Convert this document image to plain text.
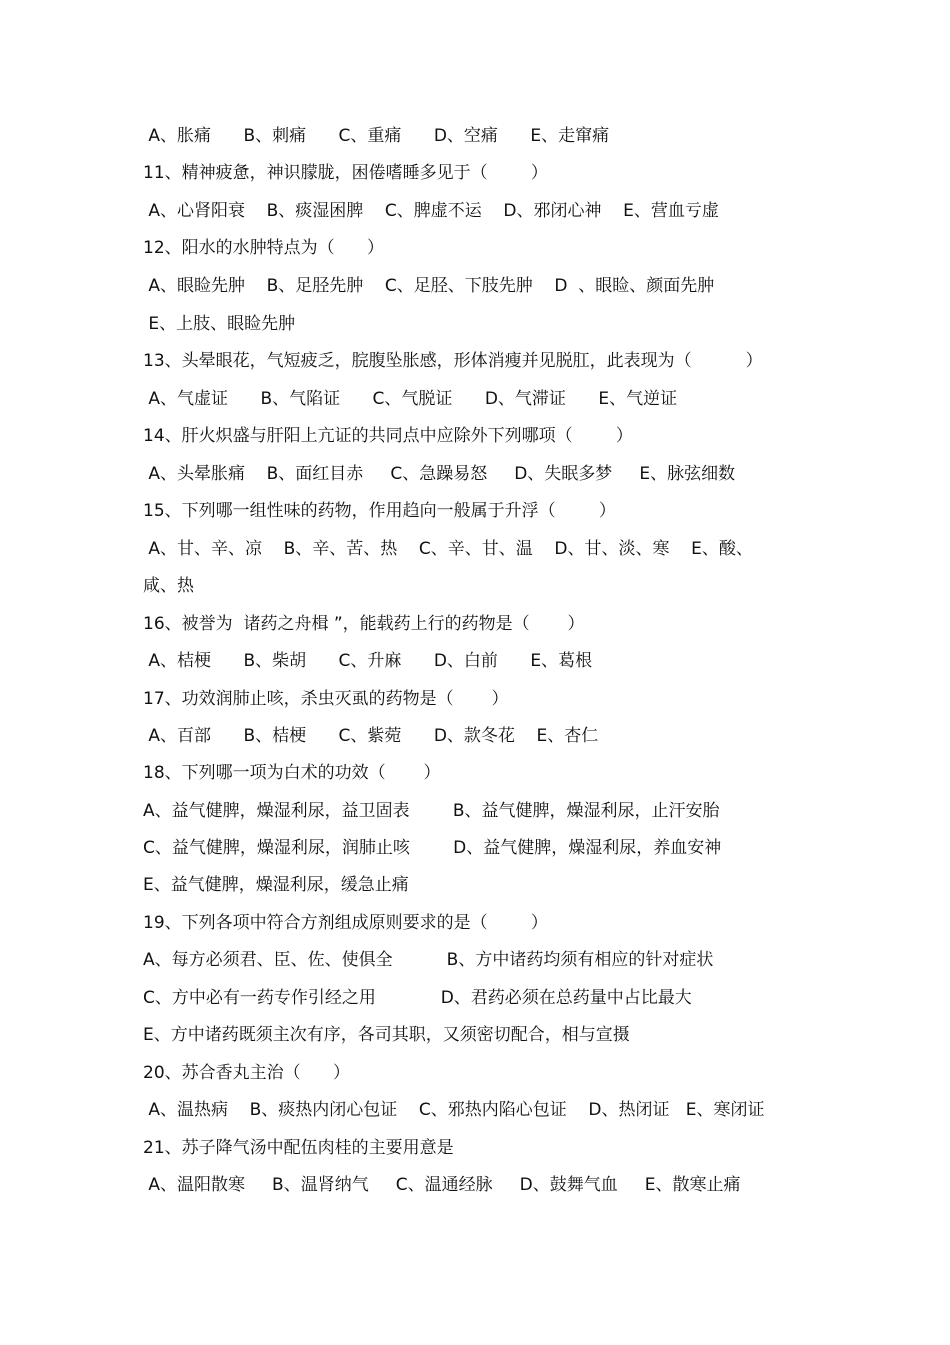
A、胀痛      B、刺痛      C、重痛      D、空痛      E、走窜痛
11、精神疲惫，神识朦胧，困倦嗜睡多见于（        ）
A、心肾阳衰    B、痰湿困脾    C、脾虚不运    D、邪闭心神    E、营血亏虚
12、阳水的水肿特点为（      ）
A、眼睑先肿    B、足胫先肿    C、足胫、下肢先肿    D  、眼睑、颜面先肿
E、上肢、眼睑先肿
13、头晕眼花，气短疲乏，脘腹坠胀感，形体消瘦并见脱肛，此表现为（          ）
A、气虚证      B、气陷证      C、气脱证      D、气滞证      E、气逆证
14、肝火炽盛与肝阳上亢证的共同点中应除外下列哪项（        ）
A、头晕胀痛    B、面红目赤     C、急躁易怒     D、失眠多梦     E、脉弦细数
15、下列哪一组性味的药物，作用趋向一般属于升浮（        ）
A、甘、辛、凉    B、辛、苦、热    C、辛、甘、温    D、甘、淡、寒    E、酸、
咸、热
16、被誉为  诸药之舟楫 ”，能载药上行的药物是（       ）
A、桔梗      B、柴胡      C、升麻      D、白前      E、葛根
17、功效润肺止咳，杀虫灭虱的药物是（       ）
A、百部      B、桔梗      C、紫菀      D、款冬花    E、杏仁
18、下列哪一项为白术的功效（       ）
A、益气健脾，燥湿利尿，益卫固表        B、益气健脾，燥湿利尿，止汗安胎
C、益气健脾，燥湿利尿，润肺止咳        D、益气健脾，燥湿利尿，养血安神
E、益气健脾，燥湿利尿，缓急止痛
19、下列各项中符合方剂组成原则要求的是（        ）
A、每方必须君、臣、佐、使俱全          B、方中诸药均须有相应的针对症状
C、方中必有一药专作引经之用            D、君药必须在总药量中占比最大
E、方中诸药既须主次有序，各司其职，又须密切配合，相与宣摄
20、苏合香丸主治（      ）
A、温热病    B、痰热内闭心包证    C、邪热内陷心包证    D、热闭证   E、寒闭证
21、苏子降气汤中配伍肉桂的主要用意是
A、温阳散寒     B、温肾纳气     C、温通经脉     D、鼓舞气血     E、散寒止痛
